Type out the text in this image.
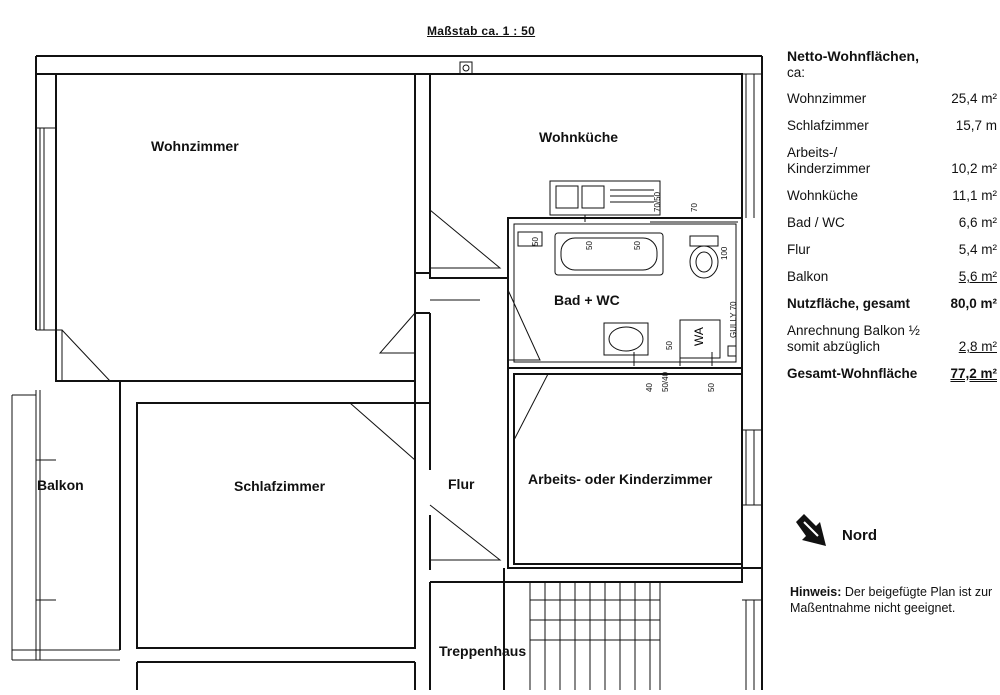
Maßstab ca. 1 : 50
50	50
70/50	70
100
50
GULLY 70
40 50/40	50
50
WA
Wohnzimmer
Wohnküche
Bad + WC
Schlafzimmer	Flur	Arbeits- oder Kinderzimmer
Balkon
Treppenhaus
Netto-Wohnflächen,
ca:
Wohnzimmer	25,4 m²
Schlafzimmer	15,7 m
Arbeits-/ Kinderzimmer	10,2 m²
Wohnküche	11,1 m²
Bad / WC	6,6 m²
Flur	5,4 m²
Balkon	5,6 m²
Nutzfläche, gesamt	80,0 m²
Anrechnung Balkon ½ somit abzüglich	2,8 m²
Gesamt-Wohnfläche 77,2 m²
Nord
Hinweis: Der beigefügte Plan ist zur Maßentnahme nicht geeignet.
